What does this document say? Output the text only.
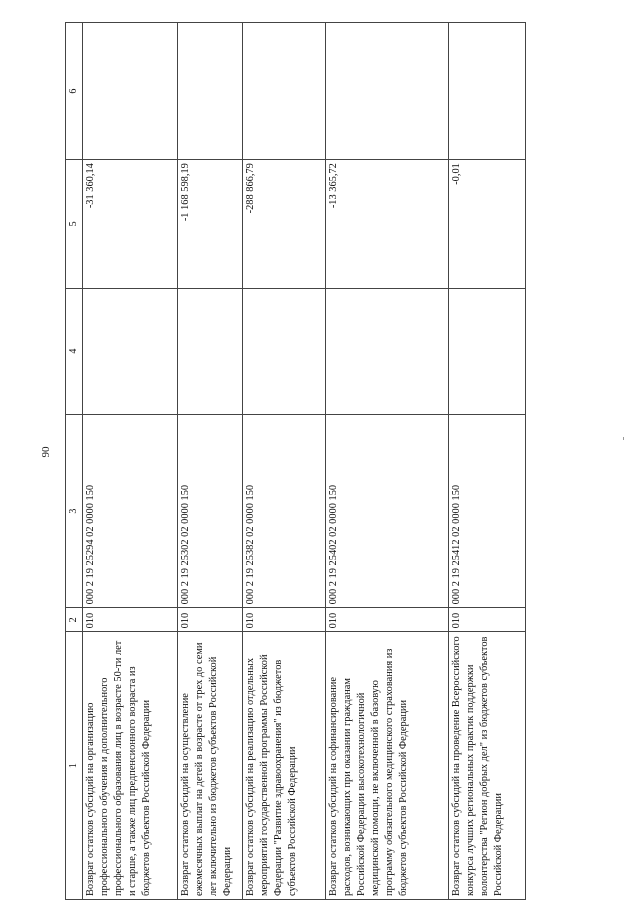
90
1	2	3	4	5	6
Возврат остатков субсидий на организацию профессионального обучения и дополнительного профессионального образования лиц в возрасте 50-ти лет и старше, а также лиц предпенсионного возраста из бюджетов субъектов Российской Федерации	010	000 2 19 25294 02 0000 150		-31 360,14	
Возврат остатков субсидий на осуществление ежемесячных выплат на детей в возрасте от трех до семи лет включительно из бюджетов субъектов Российской Федерации	010	000 2 19 25302 02 0000 150		-1 168 598,19	
Возврат остатков субсидий на реализацию отдельных мероприятий государственной программы Российской Федерации "Развитие здравоохранения" из бюджетов субъектов Российской Федерации	010	000 2 19 25382 02 0000 150		-288 866,79	
Возврат остатков субсидий на софинансирование расходов, возникающих при оказании гражданам Российской Федерации высокотехнологичной медицинской помощи, не включенной в базовую программу обязательного медицинского страхования из бюджетов субъектов Российской Федерации	010	000 2 19 25402 02 0000 150		-13 365,72	
Возврат остатков субсидий на проведение Всероссийского конкурса лучших региональных практик поддержки волонтерства "Регион добрых дел" из бюджетов субъектов Российской Федерации	010	000 2 19 25412 02 0000 150		-0,01	
